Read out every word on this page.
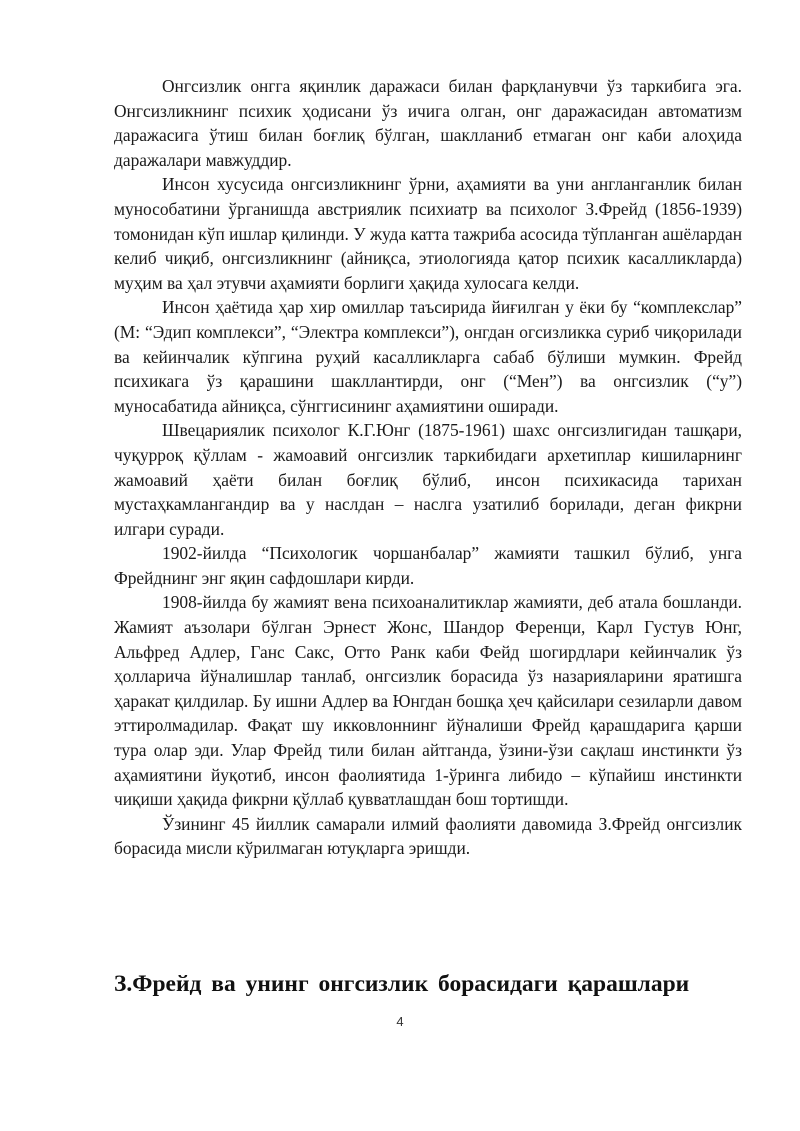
Онгсизлик онгга яқинлик даражаси билан фарқланувчи ўз таркибига эга. Онгсизликнинг психик ҳодисани ўз ичига олган, онг даражасидан автоматизм даражасига ўтиш билан боғлиқ бўлган, шаклланиб етмаган онг каби алоҳида даражалари мавжуддир.

Инсон хусусида онгсизликнинг ўрни, аҳамияти ва уни англанганлик билан мунособатини ўрганишда австриялик психиатр ва психолог З.Фрейд (1856-1939) томонидан кўп ишлар қилинди. У жуда катта тажриба асосида тўпланган ашёлардан келиб чиқиб, онгсизликнинг (айниқса, этиологияда қатор психик касалликларда) муҳим ва ҳал этувчи аҳамияти борлиги ҳақида хулосага келди.

Инсон ҳаётида ҳар хир омиллар таъсирида йиғилган у ёки бу “комплекслар” (М: “Эдип комплекси”, “Электра комплекси”), онгдан огсизликка суриб чиқорилади ва кейинчалик кўпгина руҳий касалликларга сабаб бўлиши мумкин. Фрейд психикага ўз қарашини шакллантирди, онг (“Мен”) ва онгсизлик (“у”) муносабатида айниқса, сўнггисининг аҳамиятини оширади.

Швецариялик психолог К.Г.Юнг (1875-1961) шахс онгсизлигидан ташқари, чуқурроқ қўллам - жамоавий онгсизлик таркибидаги архетиплар кишиларнинг жамоавий ҳаёти билан боғлиқ бўлиб, инсон психикасида тарихан мустаҳкамлангандир ва у наслдан – наслга узатилиб борилади, деган фикрни илгари суради.

1902-йилда “Психологик чоршанбалар” жамияти ташкил бўлиб, унга Фрейднинг энг яқин сафдошлари кирди.

1908-йилда бу жамият вена психоаналитиклар жамияти, деб атала бошланди. Жамият аъзолари бўлган Эрнест Жонс, Шандор Ференци, Карл Густув Юнг, Альфред Адлер, Ганс Сакс, Отто Ранк каби Фейд шогирдлари кейинчалик ўз ҳолларича йўналишлар танлаб, онгсизлик борасида ўз назарияларини яратишга ҳаракат қилдилар. Бу ишни Адлер ва Юнгдан бошқа ҳеч қайсилари сезиларли давом эттиролмадилар. Фақат шу икковлоннинг йўналиши Фрейд қарашдарига қарши тура олар эди. Улар Фрейд тили билан айтганда, ўзини-ўзи сақлаш инстинкти ўз аҳамиятини йуқотиб, инсон фаолиятида 1-ўринга либидо – кўпайиш инстинкти чиқиши ҳақида фикрни қўллаб қувватлашдан бош тортишди.

Ўзининг 45 йиллик самарали илмий фаолияти давомида З.Фрейд онгсизлик борасида мисли кўрилмаган ютуқларга эришди.

З.Фрейд ва унинг онгсизлик борасидаги қарашлари
4
